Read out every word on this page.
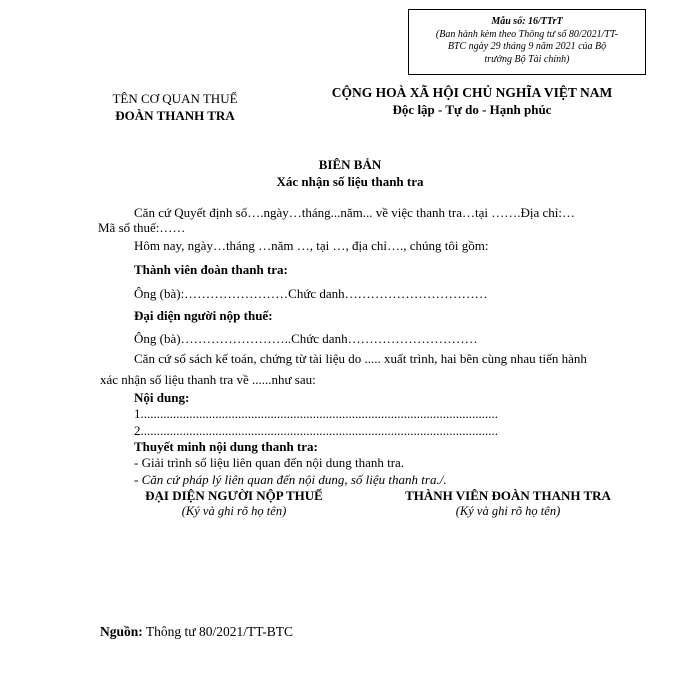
Mẫu số: 16/TTrT
(Ban hành kèm theo Thông tư số 80/2021/TT-
BTC ngày 29 tháng 9 năm 2021 của Bộ
trưởng Bộ Tài chính)
TÊN CƠ QUAN THUẾ
ĐOÀN THANH TRA
CỘNG HOÀ XÃ HỘI CHỦ NGHĨA VIỆT NAM
Độc lập - Tự do - Hạnh phúc
BIÊN BẢN
Xác nhận số liệu thanh tra
Căn cứ Quyết định số….ngày…tháng...năm... về việc thanh tra…tại …….Địa chỉ:…
Mã số thuế:……
Hôm nay, ngày…tháng …năm …, tại …, địa chỉ…., chúng tôi gồm:
Thành viên đoàn thanh tra:
Ông (bà):……………………Chức danh……………………………
Đại diện người nộp thuế:
Ông (bà)……………………..Chức danh…………………………
Căn cứ sổ sách kế toán, chứng từ tài liệu do ..... xuất trình, hai bên cùng nhau tiến hành
xác nhận số liệu thanh tra về ......như sau:
Nội dung:
1..............................................................................................................
2..............................................................................................................
Thuyết minh nội dung thanh tra:
- Giải trình số liệu liên quan đến nội dung thanh tra.
- Căn cứ pháp lý liên quan đến nội dung, số liệu thanh tra./.
ĐẠI DIỆN NGƯỜI NỘP THUẾ
(Ký và ghi rõ họ tên)
THÀNH VIÊN ĐOÀN THANH TRA
(Ký và ghi rõ họ tên)
Nguồn: Thông tư 80/2021/TT-BTC
